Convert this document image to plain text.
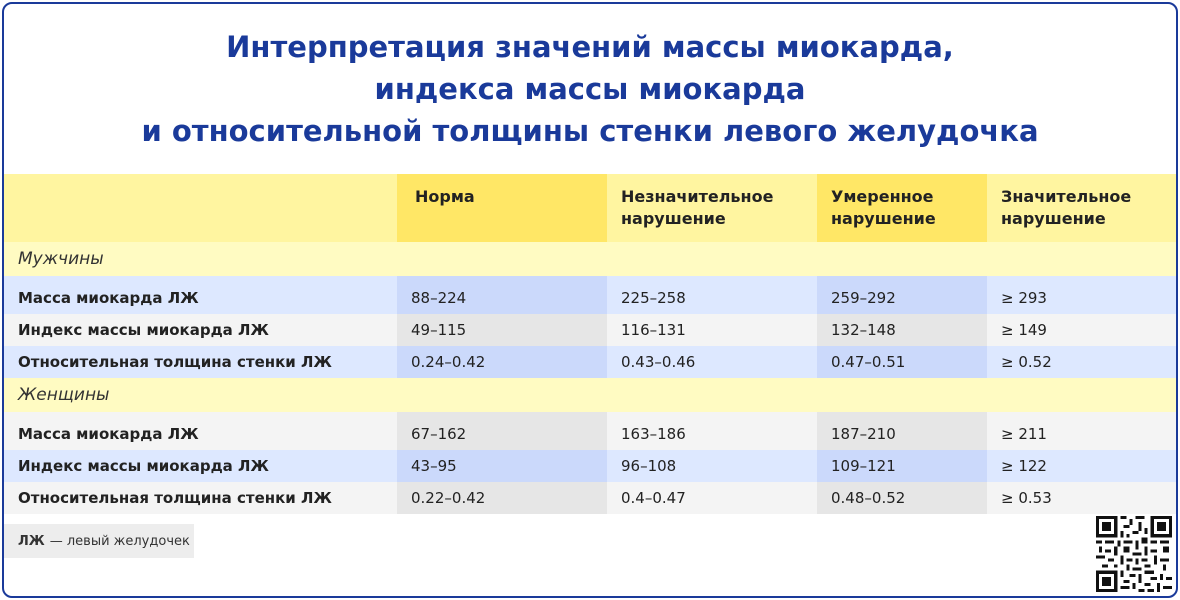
Интерпретация значений массы миокарда,
индекса массы миокарда
и относительной толщины стенки левого желудочка
	Норма	Незначительное нарушение	Умеренное нарушение	Значительное нарушение
Мужчины				
Масса миокарда ЛЖ	88–224	225–258	259–292	≥ 293
Индекс массы миокарда ЛЖ	49–115	116–131	132–148	≥ 149
Относительная толщина стенки ЛЖ	0.24–0.42	0.43–0.46	0.47–0.51	≥ 0.52
Женщины				
Масса миокарда ЛЖ	67–162	163–186	187–210	≥ 211
Индекс массы миокарда ЛЖ	43–95	96–108	109–121	≥ 122
Относительная толщина стенки ЛЖ	0.22–0.42	0.4–0.47	0.48–0.52	≥ 0.53
ЛЖ — левый желудочек
